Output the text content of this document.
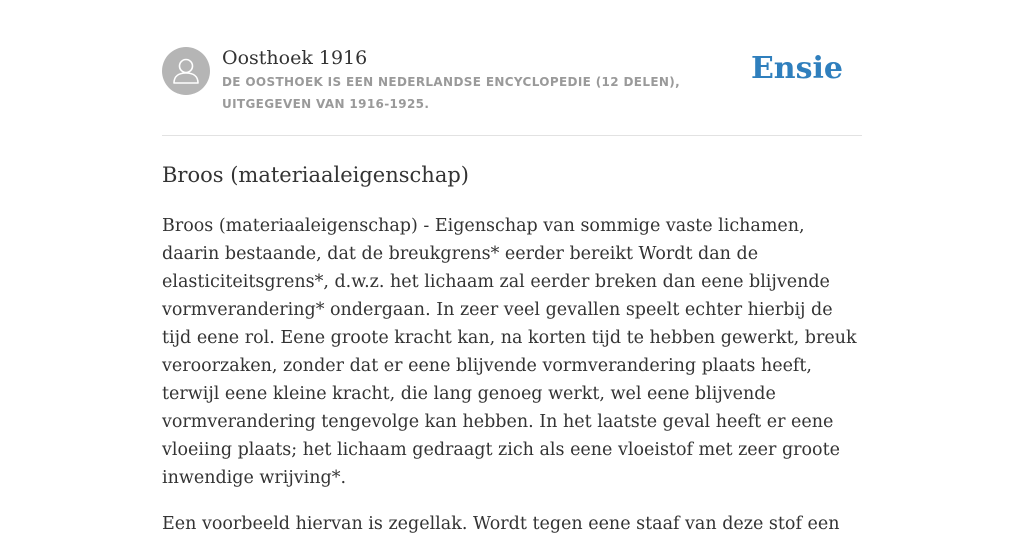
Oosthoek 1916
DE OOSTHOEK IS EEN NEDERLANDSE ENCYCLOPEDIE (12 DELEN), UITGEGEVEN VAN 1916-1925.
Ensie
Broos (materiaaleigenschap)

Broos (materiaaleigenschap) - Eigenschap van sommige vaste lichamen, daarin bestaande, dat de breukgrens* eerder bereikt Wordt dan de elasticiteitsgrens*, d.w.z. het lichaam zal eerder breken dan eene blijvende vormverandering* ondergaan. In zeer veel gevallen speelt echter hierbij de tijd eene rol. Eene groote kracht kan, na korten tijd te hebben gewerkt, breuk veroorzaken, zonder dat er eene blijvende vormverandering plaats heeft, terwijl eene kleine kracht, die lang genoeg werkt, wel eene blijvende vormverandering tengevolge kan hebben. In het laatste geval heeft er eene vloeiing plaats; het lichaam gedraagt zich als eene vloeistof met zeer groote inwendige wrijving*.

Een voorbeeld hiervan is zegellak. Wordt tegen eene staaf van deze stof een
